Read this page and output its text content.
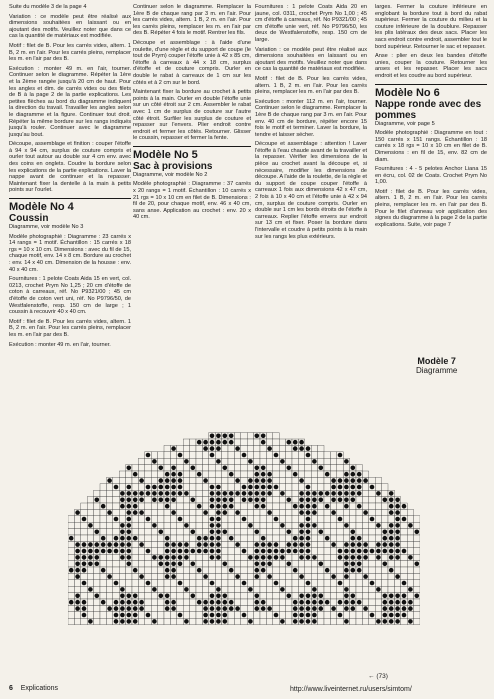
Suite du modèle 3 de la page 4

Variation : ce modèle peut être réalisé aux dimensions souhaitées en laissant ou en ajoutant des motifs. Veuillez noter que dans ce cas la quantité de matériaux est modifiée.

Motif : filet de B. Pour les carrés vides, altern. 1 B, 2 m. en l'air. Pour les carrés pleins, remplacer les m. en l'air par des B.

Exécution : monter 49 m. en l'air, tourner. Continuer selon le diagramme. Répéter la 1ère et la 2ème rangée jusqu'à 20 cm de haut. Pour les angles et dim. de carrés vides ou des filets de B à la page 2 de la partie explications. Les petites flèches au bord du diagramme indiquent la direction du travail. Travailler les angles selon le diagramme et la figure. Continuer tout droit. Répéter la même bordure sur les rangs indiqués jusqu'à rouler. Continuer avec le diagramme jusqu'au bout.

Découpe, assemblage et finition : couper l'étoffe à 94 x 94 cm, surplus de couture compris et ourler tout autour au double sur 4 cm env. avec des coins en onglets. Coudre la bordure selon les explications de la partie explications. Laver la nappe avant de continuer et la repasser. Maintenant fixer la dentelle à la main à petits points sur l'ourlet.

Modèle No 4
Coussin

Diagramme, voir modèle No 3

Modèle photographié : Diagramme : 23 carrés x 14 rangs = 1 motif. Échantillon : 15 carrés x 18 rgs = 10 x 10 cm. Dimensions : avec du fil de 15, chaque motif, env. 14 x 8 cm. Bordure au crochet : env. 14 x 40 cm. Dimension de la housse : env. 40 x 40 cm.

Fournitures : 1 pelote Coats Aida 15 en vert, col. 0213, crochet Prym No 1,25 ; 20 cm d'étoffe de coton à carreaux, réf. No P9321/00 ; 45 cm d'étoffe de coton vert uni, réf. No P9796/50, de Westfalenstoffe, resp. 150 cm de large ; 1 coussin à recouvrir 40 x 40 cm.

Motif : filet de B. Pour les carrés vides, altern. 1 B, 2 m. en l'air. Pour les carrés pleins, remplacer les m. en l'air par des B.

Exécution : monter 49 m. en l'air, tourner.

Continuer selon le diagramme. Remplacer la 1ère B de chaque rang par 3 m. en l'air. Pour les carrés vides, altern. 1 B, 2 m. en l'air. Pour les carrés pleins, remplacer les m. en l'air par des B. Répéter 4 fois le motif. Rentrer les fils.

Découpe et assemblage : à l'aide d'une roulette, d'une règle et du support de coupe (le tout de Prym) couper l'étoffe unie à 42 x 85 cm, l'étoffe à carreaux à 44 x 18 cm, surplus d'étoffe et de couture compris. Ourler en double le rabat à carreaux de 1 cm sur les côtés et à 2 cm sur le bord.

Maintenant fixer la bordure au crochet à petits points à la main. Ourler en double l'étoffe unie sur un côté étroit sur 2 cm. Assembler le rabat avec 1 cm de surplus de couture sur l'autre côté étroit. Surfiler les surplus de couture et repasser sur l'envers. Plier endroit contre endroit et fermer les côtés. Retourner. Glisser le coussin, repasser et fermer la fente.

Modèle No 5
Sac à provisions

Diagramme, voir modèle No 2

Modèle photographié : Diagramme : 37 carrés x 20 rangs = 1 motif. Échantillon : 10 carrés x 21 rgs = 10 x 10 cm en filet de B. Dimensions : fil de 20, pour chaque motif, env. 46 x 40 cm, sans anse. Application au crochet : env. 20 x 40 cm.

Fournitures : 1 pelote Coats Aida 20 en jaune, col. 0311, crochet Prym No 1,00 ; 45 cm d'étoffe à carreaux, réf. No P9321/00 ; 45 cm d'étoffe unie vert, réf. No P9796/50, les deux de Westfalenstoffe, resp. 150 cm de large.

Variation : ce modèle peut être réalisé aux dimensions souhaitées en laissant ou en ajoutant des motifs. Veuillez noter que dans ce cas la quantité de matériaux est modifiée.

Motif : filet de B. Pour les carrés vides, altern. 1 B, 2 m. en l'air. Pour les carrés pleins, remplacer les m. en l'air par des B.

Exécution : monter 112 m. en l'air, tourner. Continuer selon le diagramme. Remplacer la 1ère B de chaque rang par 3 m. en l'air. Pour env. 40 cm de bordure, répéter encore 15 fois le motif et terminer. Laver la bordure, la tendre et laisser sécher.

Découpe et assemblage : attention ! Laver l'étoffe à l'eau chaude avant de la travailler et la repasser. Vérifier les dimensions de la pièce au crochet avant la découpe et, si nécessaire, modifier les dimensions de découpe. A l'aide de la roulette, de la règle et du support de coupe couper l'étoffe à carreaux 1 fois aux dimensions 42 x 47 cm, 2 fois à 10 x 40 cm et l'étoffe unie à 42 x 94 cm, surplus de couture compris. Ourler en double sur 1 cm les bords étroits de l'étoffe à carreaux. Replier l'étoffe envers sur endroit sur 13 cm et fixer. Poser la bordure dans l'intervalle et coudre à petits points à la main sur les rangs les plus extérieurs.

larges. Fermer la couture inférieure en englobant la bordure tout à bord du rabat supérieur. Fermer la couture du milieu et la couture inférieure de la doublure. Repasser les plis latéraux des deux sacs. Placer les sacs endroit contre endroit, assembler tout le bord supérieur. Retourner le sac et repasser.

Anse : plier en deux les bandes d'étoffe unies, couper la couture. Retourner les anses et les repasser. Placer les sacs endroit et les coudre au bord supérieur.

Modèle No 6
Nappe ronde avec des pommes

Diagramme, voir page 5

Modèle photographié : Diagramme en tout : 150 carrés x 151 rangs. Échantillon : 18 carrés x 18 rgs = 10 x 10 cm en filet de B. Dimensions : en fil de 15, env. 82 cm de diam.

Fournitures : 4 - 5 pelotes Anchor Liana 15 en écru, col. 02 de Coats. Crochet Prym No 1,00.

Motif : filet de B. Pour les carrés vides, altern. 1 B, 2 m. en l'air. Pour les carrés pleins, remplacer les m. en l'air par des B. Pour le filet d'anneau voir application des signes du diagramme à la page 2 de la partie explications. Suite, voir page 7

Modèle 7
Diagramme
← (73)
6 Explications	http://www.liveinternet.ru/users/simtom/
